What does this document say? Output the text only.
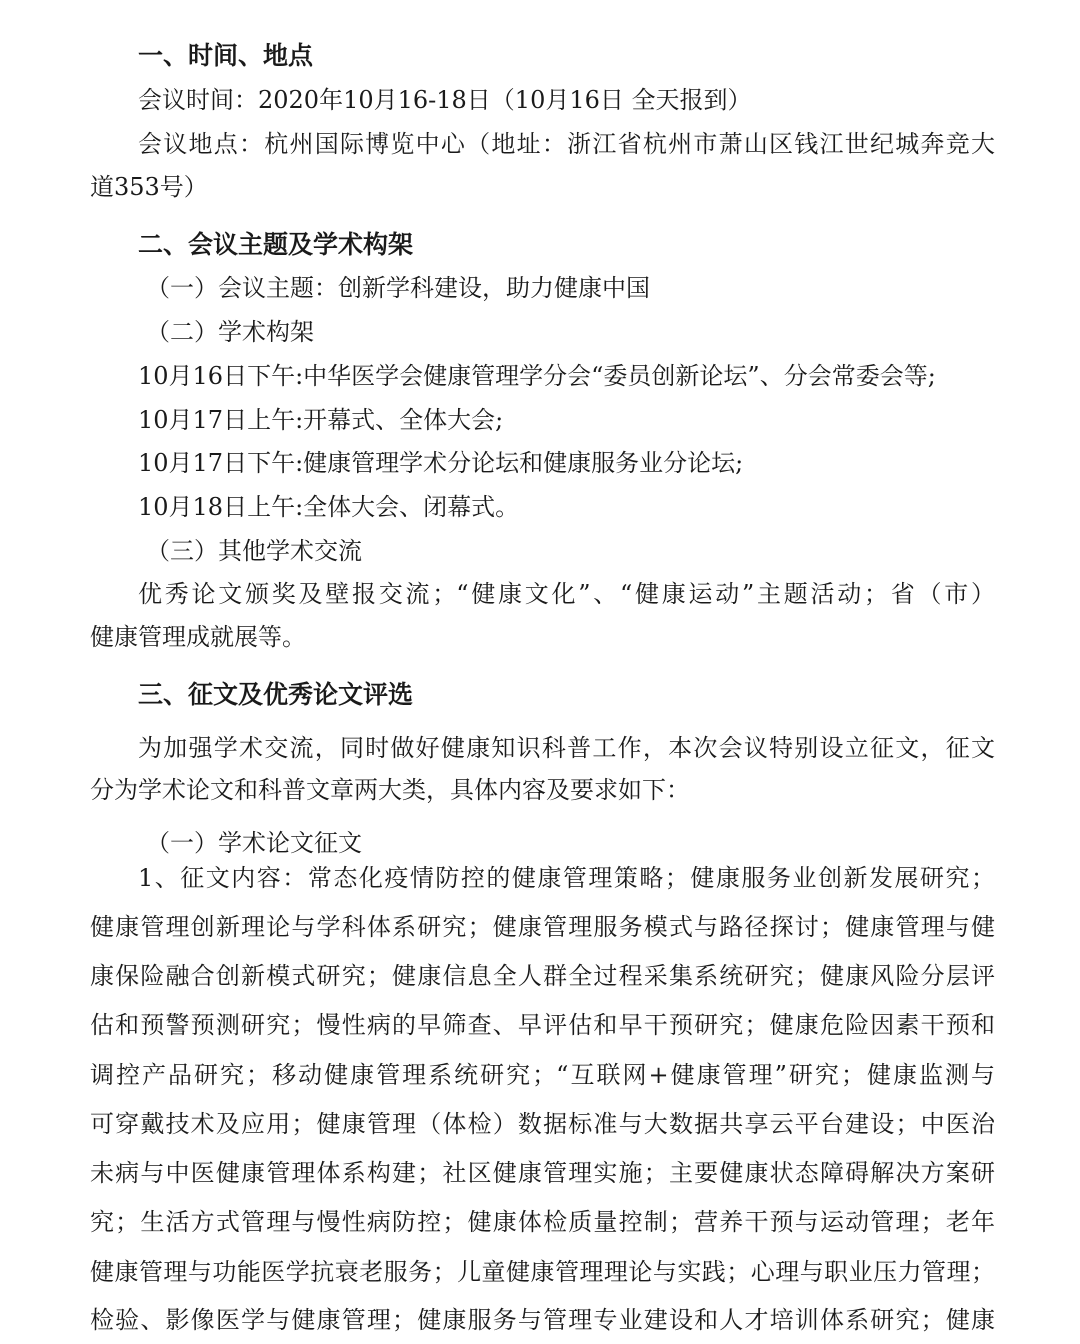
一、时间、地点
会议时间：2020年10月16-18日（10月16日 全天报到）
会议地点：杭州国际博览中心（地址：浙江省杭州市萧山区钱江世纪城奔竞大
道353号）
二、会议主题及学术构架
（一）会议主题：创新学科建设，助力健康中国
（二）学术构架
10月16日下午:中华医学会健康管理学分会“委员创新论坛”、分会常委会等;
10月17日上午:开幕式、全体大会;
10月17日下午:健康管理学术分论坛和健康服务业分论坛;
10月18日上午:全体大会、闭幕式。
（三）其他学术交流
优秀论文颁奖及壁报交流；“健康文化”、“健康运动”主题活动；省（市）
健康管理成就展等。
三、征文及优秀论文评选
为加强学术交流，同时做好健康知识科普工作，本次会议特别设立征文，征文
分为学术论文和科普文章两大类，具体内容及要求如下：
（一）学术论文征文
1、征文内容：常态化疫情防控的健康管理策略；健康服务业创新发展研究；
健康管理创新理论与学科体系研究；健康管理服务模式与路径探讨；健康管理与健
康保险融合创新模式研究；健康信息全人群全过程采集系统研究；健康风险分层评
估和预警预测研究；慢性病的早筛查、早评估和早干预研究；健康危险因素干预和
调控产品研究；移动健康管理系统研究；“互联网+健康管理”研究；健康监测与
可穿戴技术及应用；健康管理（体检）数据标准与大数据共享云平台建设；中医治
未病与中医健康管理体系构建；社区健康管理实施；主要健康状态障碍解决方案研
究；生活方式管理与慢性病防控；健康体检质量控制；营养干预与运动管理；老年
健康管理与功能医学抗衰老服务；儿童健康管理理论与实践；心理与职业压力管理；
检验、影像医学与健康管理；健康服务与管理专业建设和人才培训体系研究；健康
